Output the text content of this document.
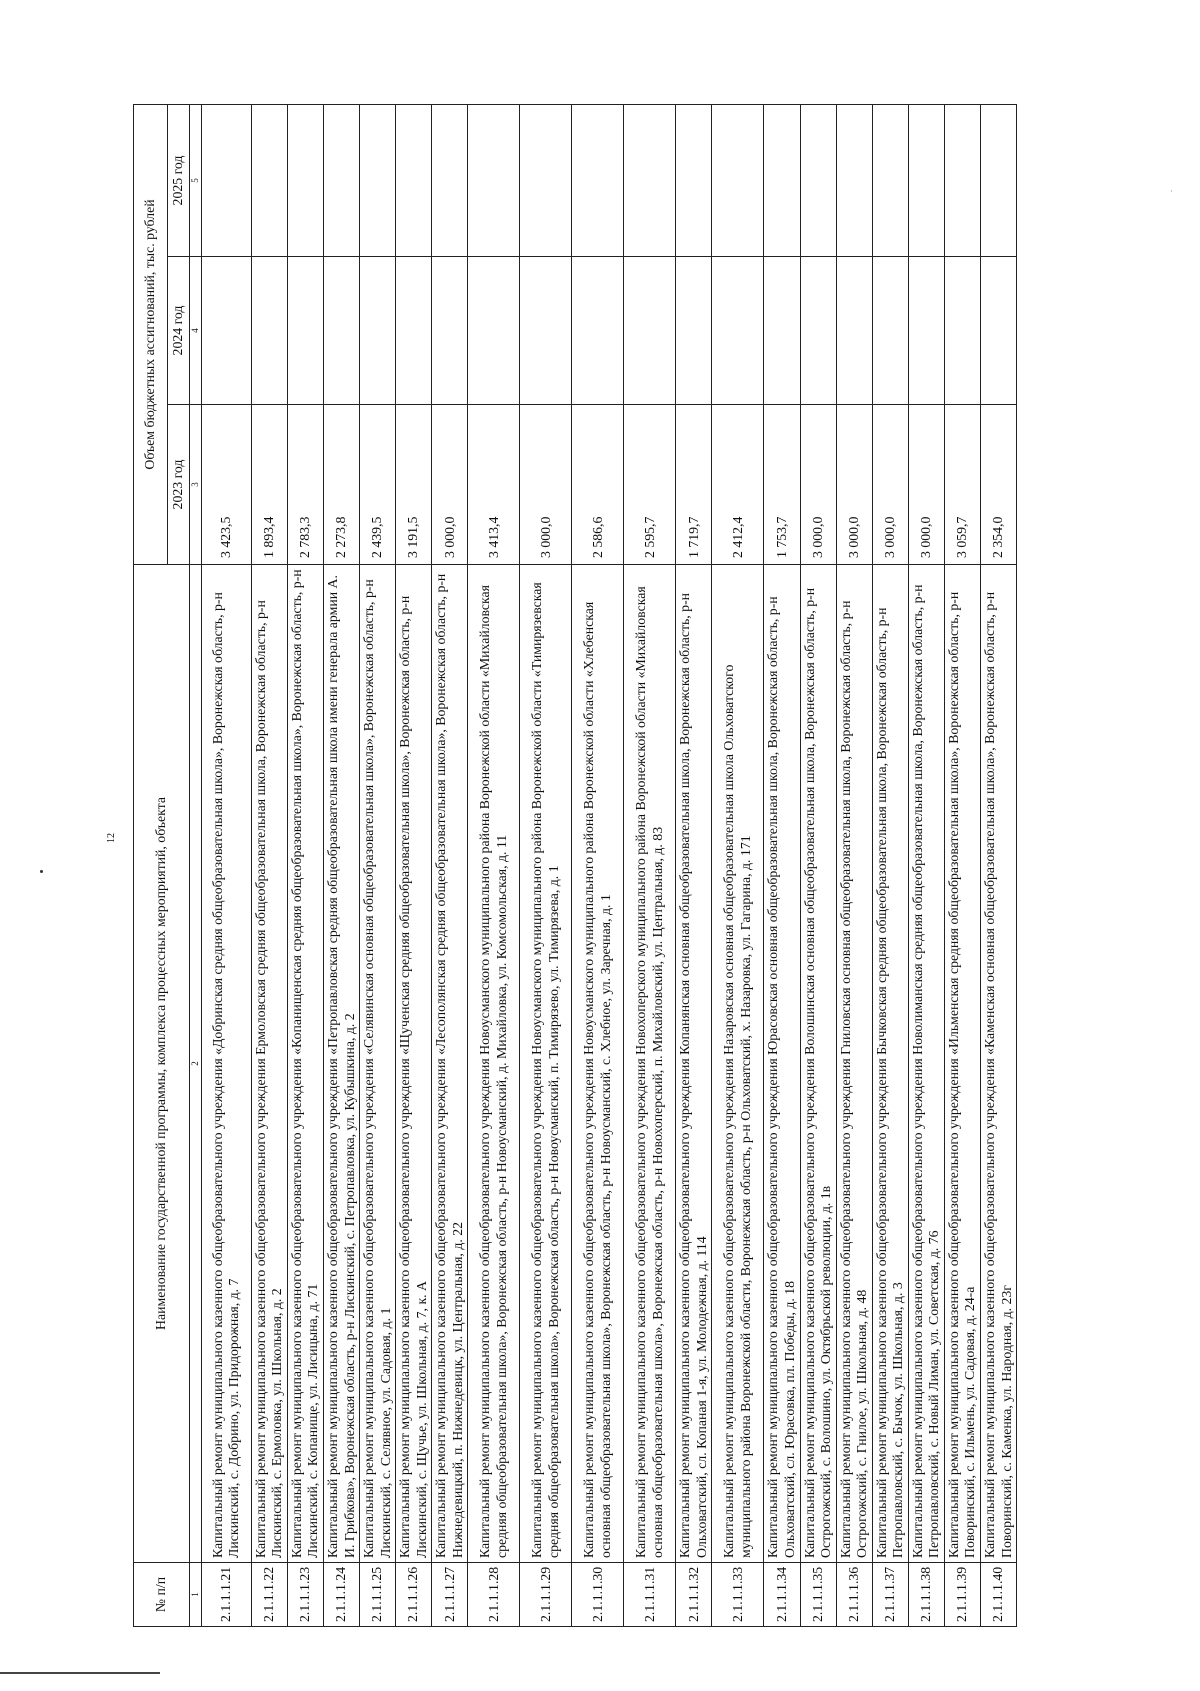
12
·
№ п/п	Наименование государственной программы, комплекса процессных мероприятий, объекта	Объем бюджетных ассигнований, тыс. рублей		
		2023 год	2024 год	2025 год
1	2	3	4	5
2.1.1.1.21	Капитальный ремонт муниципального казенного общеобразовательного учреждения «Добринская средняя общеобразовательная школа», Воронежская область, р-н Лискинский, с. Добрино, ул. Придорожная, д. 7	3 423,5		
2.1.1.1.22	Капитальный ремонт муниципального казенного общеобразовательного учреждения Ермоловская средняя общеобразовательная школа, Воронежская область, р-н Лискинский, с. Ермоловка, ул. Школьная, д. 2	1 893,4		
2.1.1.1.23	Капитальный ремонт муниципального казенного общеобразовательного учреждения «Копанищенская средняя общеобразовательная школа», Воронежская область, р-н Лискинский, с. Копанище, ул. Лисицына, д. 71	2 783,3		
2.1.1.1.24	Капитальный ремонт муниципального казенного общеобразовательного учреждения «Петропавловская средняя общеобразовательная школа имени генерала армии А. И. Грибкова», Воронежская область, р-н Лискинский, с. Петропавловка, ул. Кубышкина, д. 2	2 273,8		
2.1.1.1.25	Капитальный ремонт муниципального казенного общеобразовательного учреждения «Селявинская основная общеобразовательная школа», Воронежская область, р-н Лискинский, с. Селявное, ул. Садовая, д. 1	2 439,5		
2.1.1.1.26	Капитальный ремонт муниципального казенного общеобразовательного учреждения «Щученская средняя общеобразовательная школа», Воронежская область, р-н Лискинский, с. Щучье, ул. Школьная, д. 7, к. А	3 191,5		
2.1.1.1.27	Капитальный ремонт муниципального казенного общеобразовательного учреждения «Лесополянская средняя общеобразовательная школа», Воронежская область, р-н Нижнедевицкий, п. Нижнедевицк, ул. Центральная, д. 22	3 000,0		
2.1.1.1.28	Капитальный ремонт муниципального казенного общеобразовательного учреждения Новоусманского муниципального района Воронежской области «Михайловская средняя общеобразовательная школа», Воронежская область, р-н Новоусманский, д. Михайловка, ул. Комсомольская, д. 11	3 413,4		
2.1.1.1.29	Капитальный ремонт муниципального казенного общеобразовательного учреждения Новоусманского муниципального района Воронежской области «Тимирязевская средняя общеобразовательная школа», Воронежская область, р-н Новоусманский, п. Тимирязево, ул. Тимирязева, д. 1	3 000,0		
2.1.1.1.30	Капитальный ремонт муниципального казенного общеобразовательного учреждения Новоусманского муниципального района Воронежской области «Хлебенская основная общеобразовательная школа», Воронежская область, р-н Новоусманский, с. Хлебное, ул. Заречная, д. 1	2 586,6		
2.1.1.1.31	Капитальный ремонт муниципального казенного общеобразовательного учреждения Новохоперского муниципального района Воронежской области «Михайловская основная общеобразовательная школа», Воронежская область, р-н Новохоперский, п. Михайловский, ул. Центральная, д. 83	2 595,7		
2.1.1.1.32	Капитальный ремонт муниципального казенного общеобразовательного учреждения Копанянская основная общеобразовательная школа, Воронежская область, р-н Ольховатский, сл. Копаная 1-я, ул. Молодежная, д. 114	1 719,7		
2.1.1.1.33	Капитальный ремонт муниципального казенного общеобразовательного учреждения Назаровская основная общеобразовательная школа Ольховатского муниципального района Воронежской области, Воронежская область, р-н Ольховатский, х. Назаровка, ул. Гагарина, д. 171	2 412,4		
2.1.1.1.34	Капитальный ремонт муниципального казенного общеобразовательного учреждения Юрасовская основная общеобразовательная школа, Воронежская область, р-н Ольховатский, сл. Юрасовка, пл. Победы, д. 18	1 753,7		
2.1.1.1.35	Капитальный ремонт муниципального казенного общеобразовательного учреждения Волошинская основная общеобразовательная школа, Воронежская область, р-н Острогожский, с. Волошино, ул. Октябрьской революции, д. 1в	3 000,0		
2.1.1.1.36	Капитальный ремонт муниципального казенного общеобразовательного учреждения Гниловская основная общеобразовательная школа, Воронежская область, р-н Острогожский, с. Гнилое, ул. Школьная, д. 48	3 000,0		
2.1.1.1.37	Капитальный ремонт муниципального казенного общеобразовательного учреждения Бычковская средняя общеобразовательная школа, Воронежская область, р-н Петропавловский, с. Бычок, ул. Школьная, д. 3	3 000,0		
2.1.1.1.38	Капитальный ремонт муниципального казенного общеобразовательного учреждения Новолиманская средняя общеобразовательная школа, Воронежская область, р-н Петропавловский, с. Новый Лиман, ул. Советская, д. 76	3 000,0		
2.1.1.1.39	Капитальный ремонт муниципального казенного общеобразовательного учреждения «Ильменская средняя общеобразовательная школа», Воронежская область, р-н Поворинский, с. Ильмень, ул. Садовая, д. 24-а	3 059,7		
2.1.1.1.40	Капитальный ремонт муниципального казенного общеобразовательного учреждения «Каменская основная общеобразовательная школа», Воронежская область, р-н Поворинский, с. Каменка, ул. Народная, д. 23г	2 354,0		
